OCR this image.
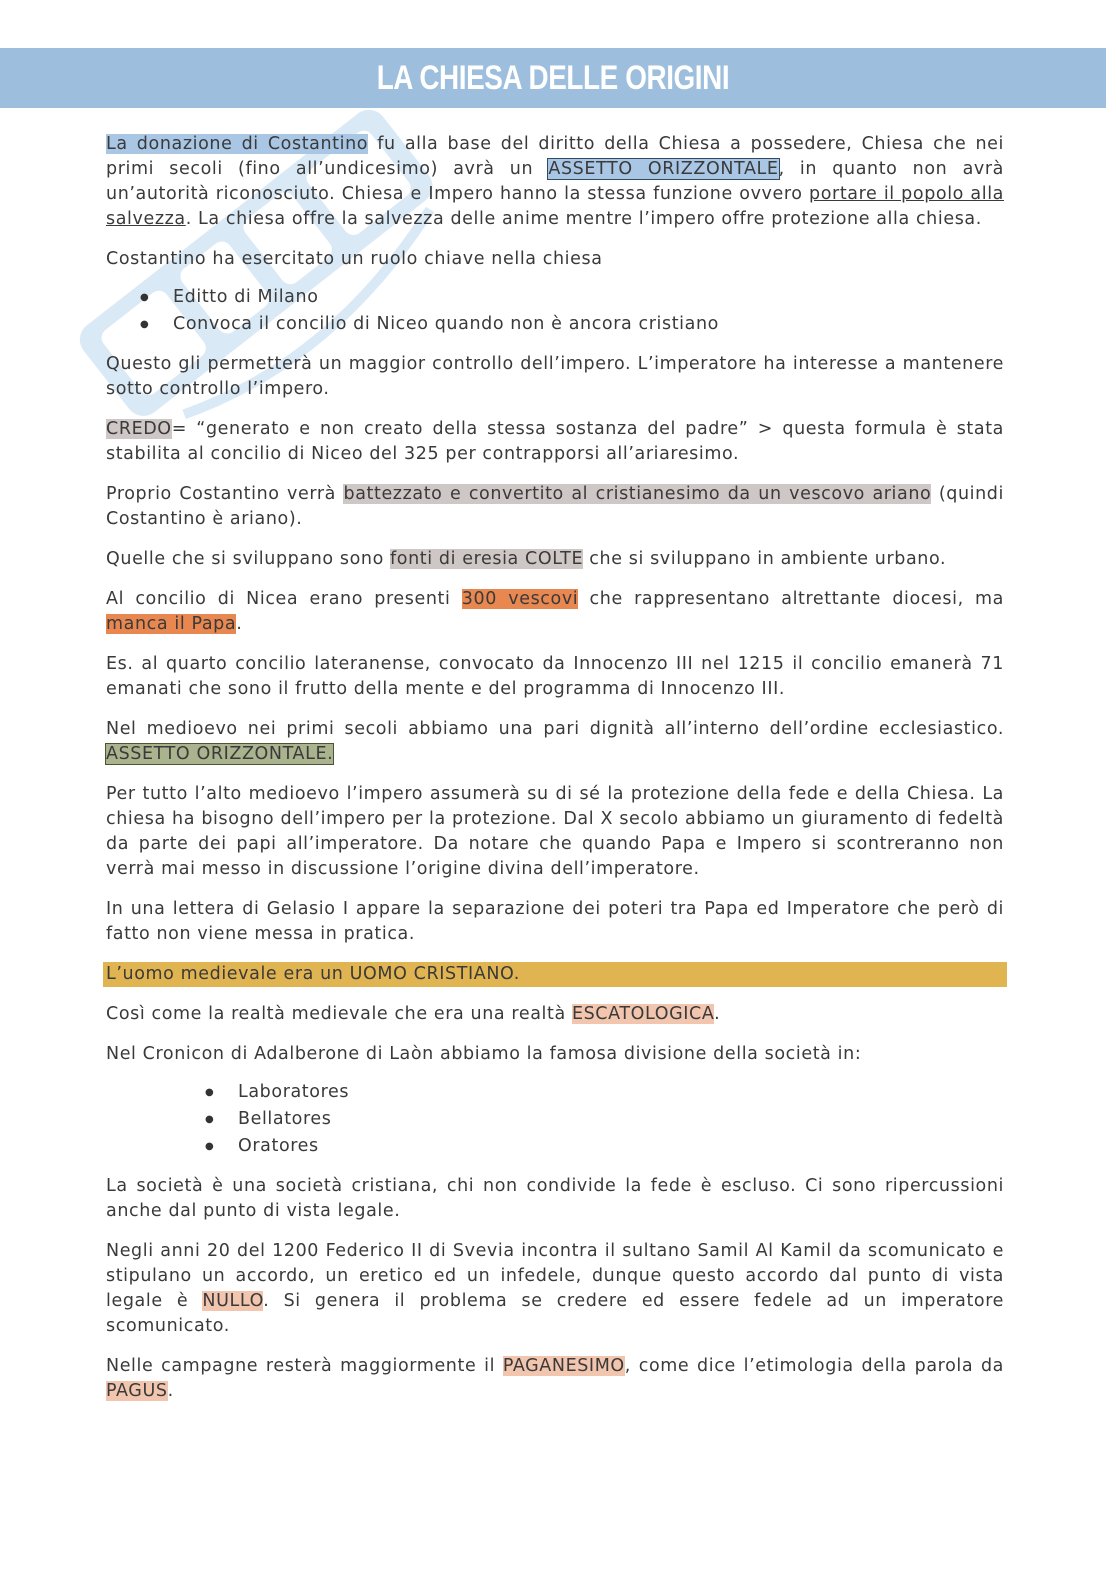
LA CHIESA DELLE ORIGINI

La donazione di Costantino fu alla base del diritto della Chiesa a possedere, Chiesa che nei primi secoli (fino all’undicesimo) avrà un ASSETTO ORIZZONTALE, in quanto non avrà un’autorità riconosciuto. Chiesa e Impero hanno la stessa funzione ovvero portare il popolo alla salvezza. La chiesa offre la salvezza delle anime mentre l’impero offre protezione alla chiesa.

Costantino ha esercitato un ruolo chiave nella chiesa

● Editto di Milano
● Convoca il concilio di Niceo quando non è ancora cristiano

Questo gli permetterà un maggior controllo dell’impero. L’imperatore ha interesse a mantenere sotto controllo l’impero.

CREDO= “generato e non creato della stessa sostanza del padre” > questa formula è stata stabilita al concilio di Niceo del 325 per contrapporsi all’ariaresimo.

Proprio Costantino verrà battezzato e convertito al cristianesimo da un vescovo ariano (quindi Costantino è ariano).

Quelle che si sviluppano sono fonti di eresia COLTE che si sviluppano in ambiente urbano.

Al concilio di Nicea erano presenti 300 vescovi che rappresentano altrettante diocesi, ma manca il Papa.

Es. al quarto concilio lateranense, convocato da Innocenzo III nel 1215 il concilio emanerà 71 emanati che sono il frutto della mente e del programma di Innocenzo III.

Nel medioevo nei primi secoli abbiamo una pari dignità all’interno dell’ordine ecclesiastico. ASSETTO ORIZZONTALE.

Per tutto l’alto medioevo l’impero assumerà su di sé la protezione della fede e della Chiesa. La chiesa ha bisogno dell’impero per la protezione. Dal X secolo abbiamo un giuramento di fedeltà da parte dei papi all’imperatore. Da notare che quando Papa e Impero si scontreranno non verrà mai messo in discussione l’origine divina dell’imperatore.

In una lettera di Gelasio I appare la separazione dei poteri tra Papa ed Imperatore che però di fatto non viene messa in pratica.

L’uomo medievale era un UOMO CRISTIANO.

Così come la realtà medievale che era una realtà ESCATOLOGICA.

Nel Cronicon di Adalberone di Laòn abbiamo la famosa divisione della società in:

● Laboratores
● Bellatores
● Oratores

La società è una società cristiana, chi non condivide la fede è escluso. Ci sono ripercussioni anche dal punto di vista legale.

Negli anni 20 del 1200 Federico II di Svevia incontra il sultano Samil Al Kamil da scomunicato e stipulano un accordo, un eretico ed un infedele, dunque questo accordo dal punto di vista legale è NULLO. Si genera il problema se credere ed essere fedele ad un imperatore scomunicato.

Nelle campagne resterà maggiormente il PAGANESIMO, come dice l’etimologia della parola da PAGUS.
